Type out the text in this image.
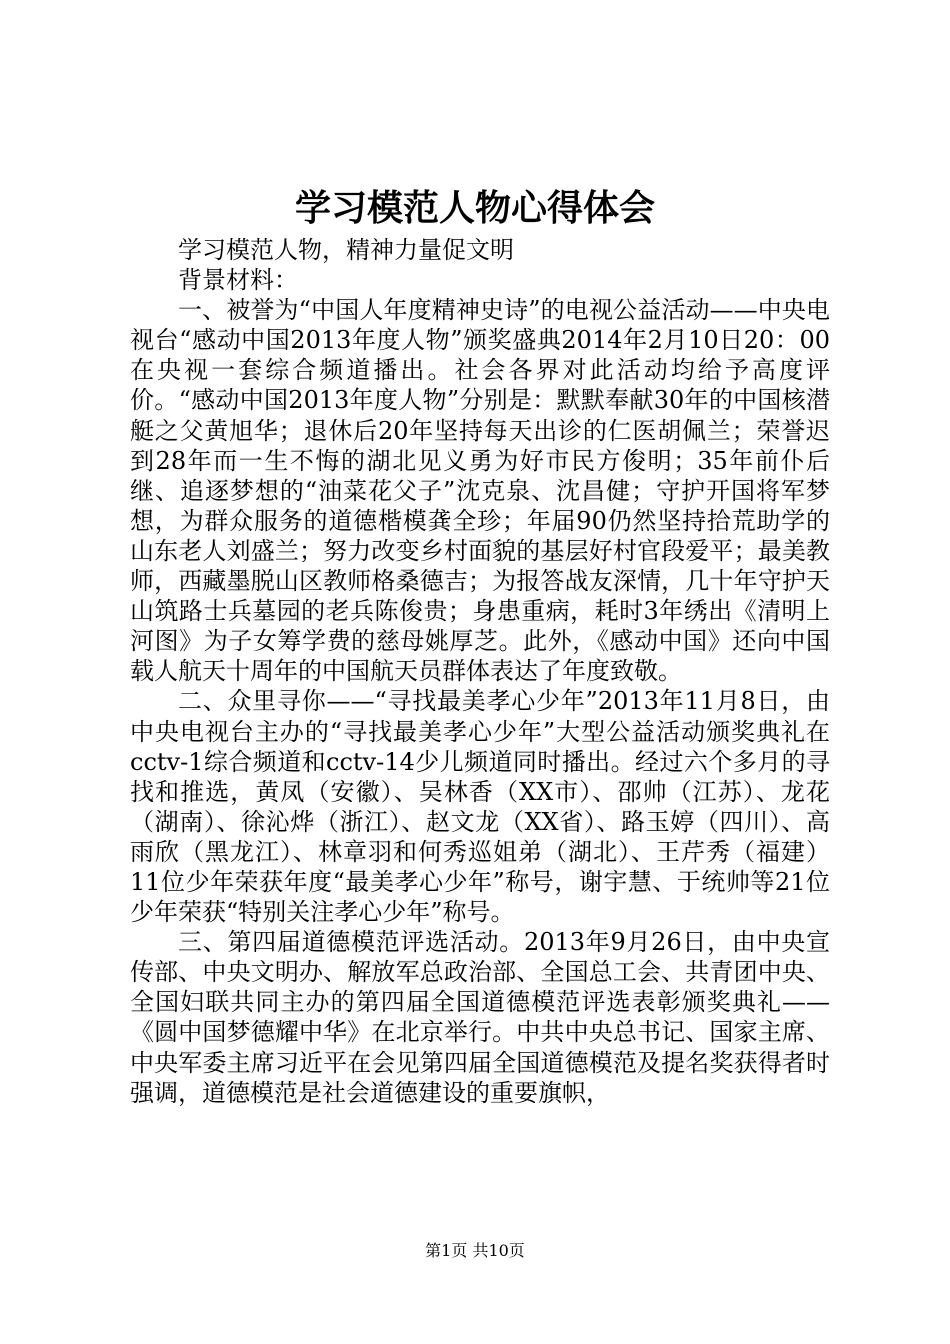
学习模范人物心得体会

学习模范人物，精神力量促文明

背景材料：

一、被誉为“中国人年度精神史诗”的电视公益活动——中央电视台“感动中国2013年度人物”颁奖盛典2014年2月10日20：00在央视一套综合频道播出。社会各界对此活动均给予高度评价。“感动中国2013年度人物”分别是：默默奉献30年的中国核潜艇之父黄旭华；退休后20年坚持每天出诊的仁医胡佩兰；荣誉迟到28年而一生不悔的湖北见义勇为好市民方俊明；35年前仆后继、追逐梦想的“油菜花父子”沈克泉、沈昌健；守护开国将军梦想，为群众服务的道德楷模龚全珍；年届90仍然坚持拾荒助学的山东老人刘盛兰；努力改变乡村面貌的基层好村官段爱平；最美教师，西藏墨脱山区教师格桑德吉；为报答战友深情，几十年守护天山筑路士兵墓园的老兵陈俊贵；身患重病，耗时3年绣出《清明上河图》为子女筹学费的慈母姚厚芝。此外，《感动中国》还向中国载人航天十周年的中国航天员群体表达了年度致敬。

二、众里寻你——“寻找最美孝心少年”2013年11月8日，由中央电视台主办的“寻找最美孝心少年”大型公益活动颁奖典礼在cctv-1综合频道和cctv-14少儿频道同时播出。经过六个多月的寻找和推选，黄凤（安徽）、吴林香（XX市）、邵帅（江苏）、龙花（湖南）、徐沁烨（浙江）、赵文龙（XX省）、路玉婷（四川）、高雨欣（黑龙江）、林章羽和何秀巡姐弟（湖北）、王芹秀（福建）11位少年荣获年度“最美孝心少年”称号，谢宇慧、于统帅等21位少年荣获“特别关注孝心少年”称号。

三、第四届道德模范评选活动。2013年9月26日，由中央宣传部、中央文明办、解放军总政治部、全国总工会、共青团中央、全国妇联共同主办的第四届全国道德模范评选表彰颁奖典礼——《圆中国梦德耀中华》在北京举行。中共中央总书记、国家主席、中央军委主席习近平在会见第四届全国道德模范及提名奖获得者时强调，道德模范是社会道德建设的重要旗帜，

第1页 共10页
